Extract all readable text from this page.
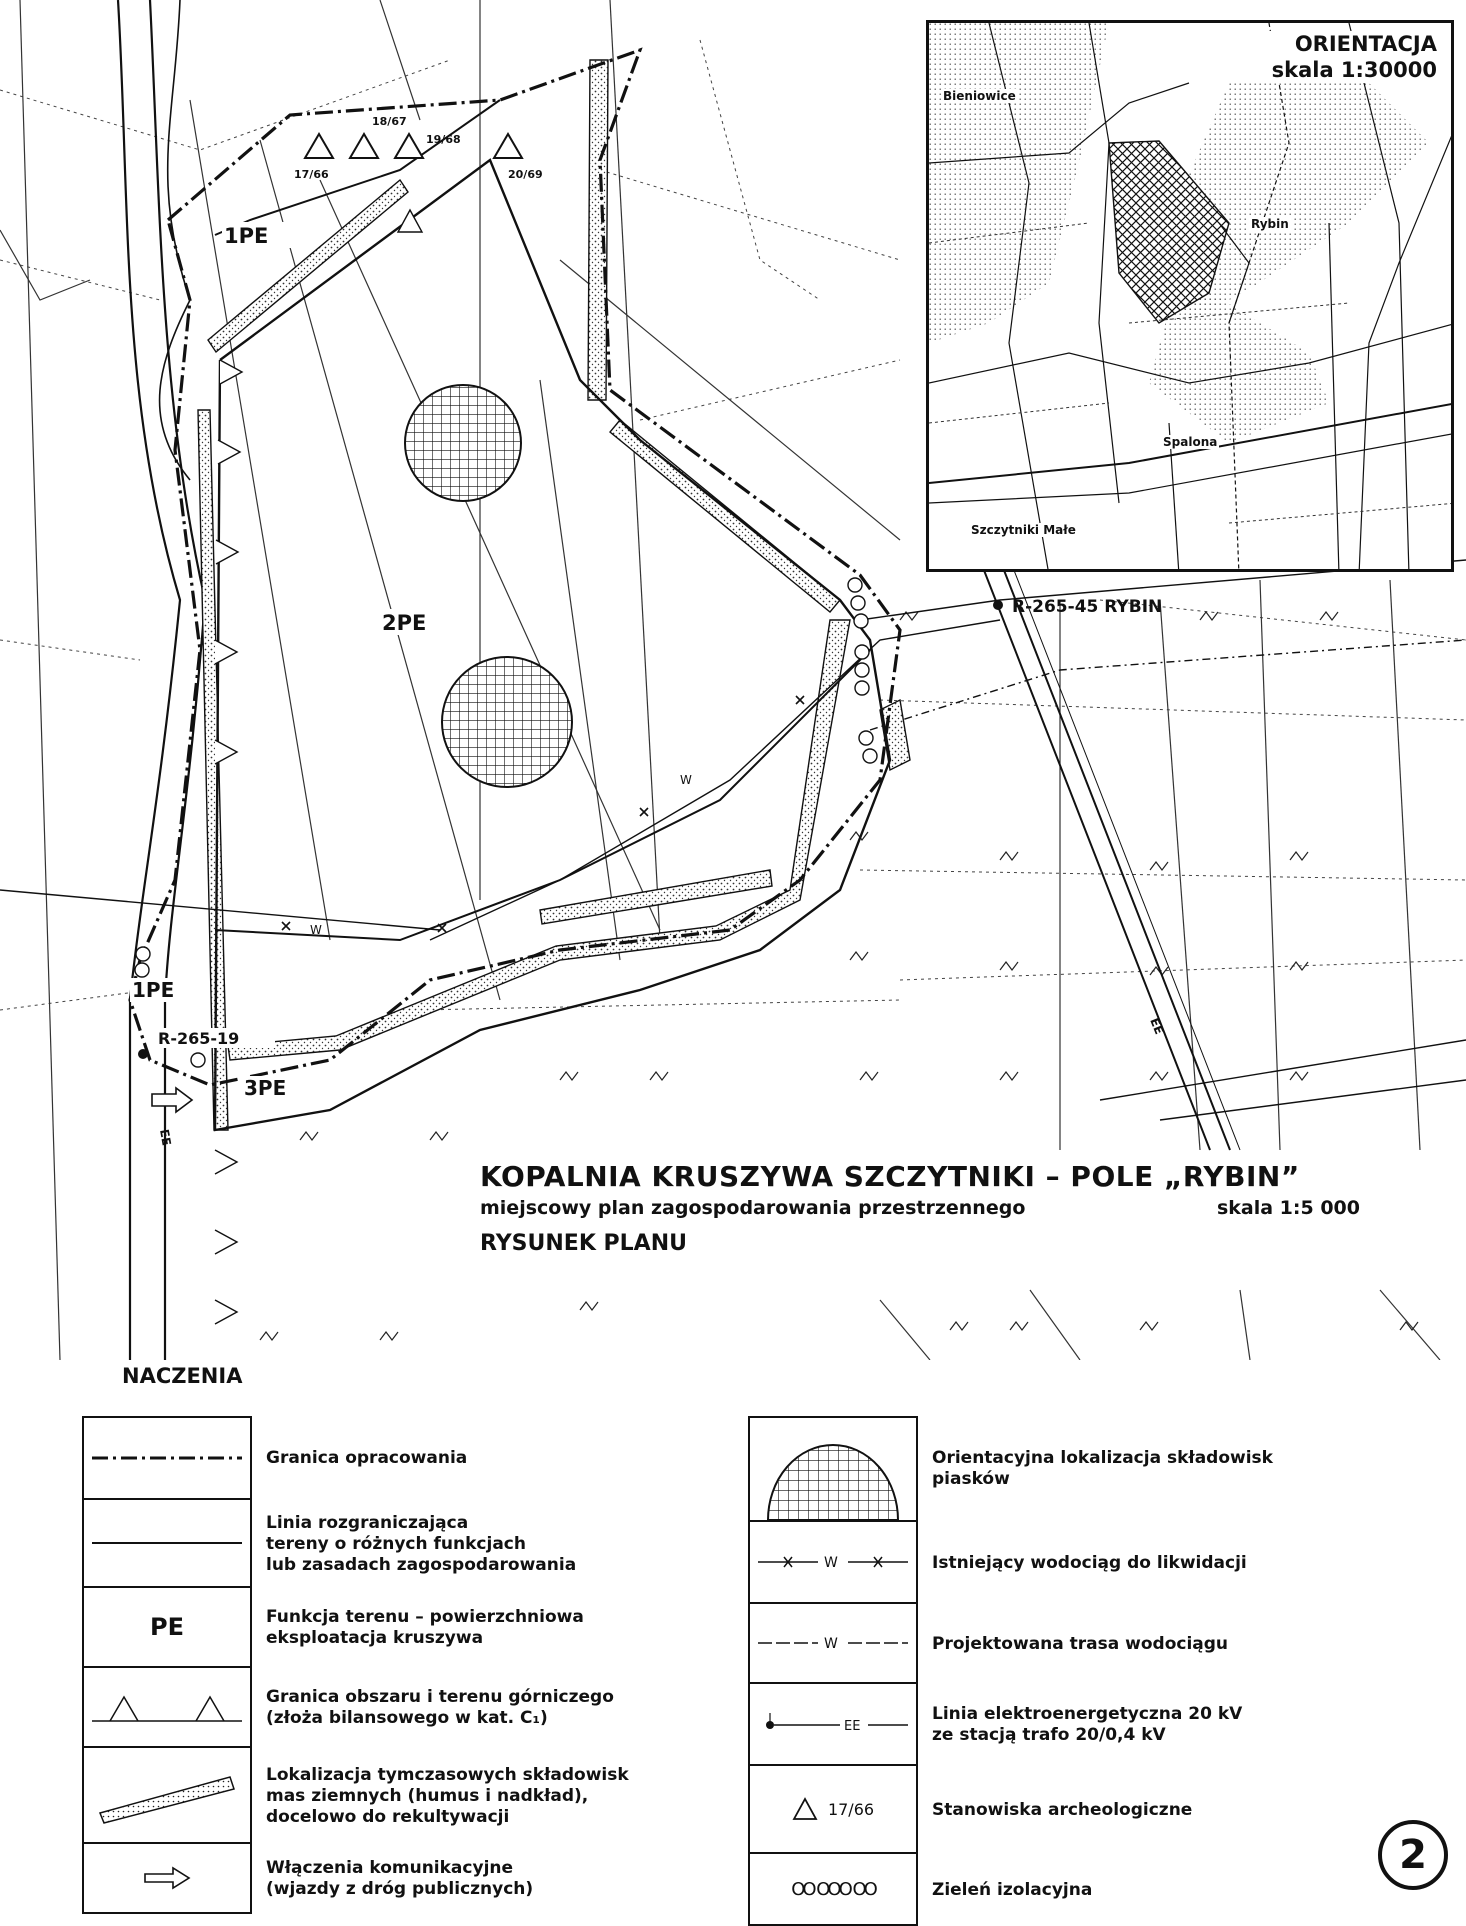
W
W
EE
EE
18/67
17/66
19/68
20/69
R-265-45 RYBIN
R-265-19
1PE
2PE
1PE
3PE
ORIENTACJA
skala 1:30000
Bieniowice
Rybin
Spalona
Szczytniki Małe
KOPALNIA KRUSZYWA SZCZYTNIKI – POLE „RYBIN”
miejscowy plan zagospodarowania przestrzennego	skala 1:5 000
RYSUNEK PLANU
NACZENIA
Granica opracowania
Linia rozgraniczająca
tereny o różnych funkcjach
lub zasadach zagospodarowania
PE	Funkcja terenu – powierzchniowa
eksploatacja kruszywa
Granica obszaru i terenu górniczego
(złoża bilansowego w kat. C₁)
Lokalizacja tymczasowych składowisk
mas ziemnych (humus i nadkład),
docelowo do rekultywacji
Włączenia komunikacyjne
(wjazdy z dróg publicznych)
Orientacyjna lokalizacja składowisk
piasków
W	Istniejący wodociąg do likwidacji
W	Projektowana trasa wodociągu
EE
Linia elektroenergetyczna 20 kV
ze stacją trafo 20/0,4 kV
17/66	Stanowiska archeologiczne
OO OOO OO	Zieleń izolacyjna
2
